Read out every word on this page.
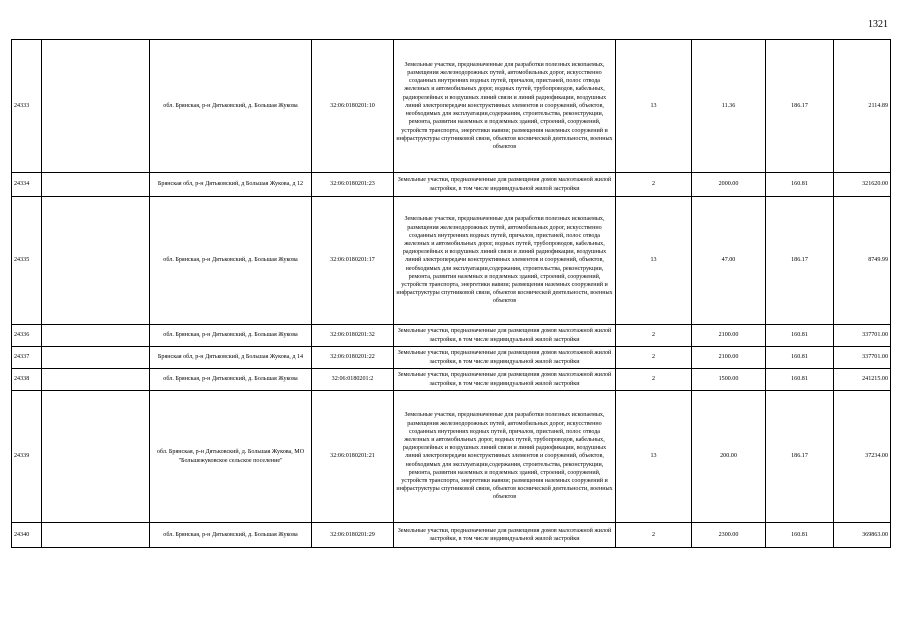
1321
24333		обл. Брянская, р-н Дятьковский, д. Большая Жукова	32:06:0180201:10	Земельные участки, предназначенные для разработки полезных ископаемых, размещения железнодорожных путей, автомобильных дорог, искусственно созданных внутренних водных путей, причалов, пристаней, полос отвода железных и автомобильных дорог, водных путей, трубопроводов, кабельных, радиорелейных и воздушных линий связи и линий радиофикации, воздушных линий электропередачи конструктивных элементов и сооружений, объектов, необходимых для эксплуатации,содержания, строительства, реконструкции, ремонта, развития наземных и подземных зданий, строений, сооружений, устройств транспорта, энергетики иавязи; размещения наземных сооружений и инфраструктуры спутниковой связи, объектов космической деятельности, военных объектов	13	11.36	186.17	2114.89

24334		Брянская обл, р-н Дятьковский, д Большая Жукова, д 12	32:06:0180201:23	Земельные участки, предназначенные для размещения домов малоэтажной жилой застройки, в том числе индивидуальной жилой застройки	2	2000.00	160.81	321620.00

24335		обл. Брянская, р-н Дятьковский, д. Большая Жукова	32:06:0180201:17	Земельные участки, предназначенные для разработки полезных ископаемых, размещения железнодорожных путей, автомобильных дорог, искусственно созданных внутренних водных путей, причалов, пристаней, полос отвода железных и автомобильных дорог, водных путей, трубопроводов, кабельных, радиорелейных и воздушных линий связи и линий радиофикации, воздушных линий электропередачи конструктивных элементов и сооружений, объектов, необходимых для эксплуатации,содержания, строительства, реконструкции, ремонта, развития наземных и подземных зданий, строений, сооружений, устройств транспорта, энергетики иавязи; размещения наземных сооружений и инфраструктуры спутниковой связи, объектов космической деятельности, военных объектов	13	47.00	186.17	8749.99

24336		обл. Брянская, р-н Дятьковский, д. Большая Жукова	32:06:0180201:32	Земельные участки, предназначенные для размещения домов малоэтажной жилой застройки, в том числе индивидуальной жилой застройки	2	2100.00	160.81	337701.00

24337		Брянская обл, р-н Дятьковский, д Большая Жукова, д 14	32:06:0180201:22	Земельные участки, предназначенные для размещения домов малоэтажной жилой застройки, в том числе индивидуальной жилой застройки	2	2100.00	160.81	337701.00

24338		обл. Брянская, р-н Дятьковский, д. Большая Жукова	32:06:0180201:2	Земельные участки, предназначенные для размещения домов малоэтажной жилой застройки, в том числе индивидуальной жилой застройки	2	1500.00	160.81	241215.00

24339		обл. Брянская, р-н Дятьковский, д. Большая Жукова, МО "Большежуковское сельское поселение"	32:06:0180201:21	Земельные участки, предназначенные для разработки полезных ископаемых, размещения железнодорожных путей, автомобильных дорог, искусственно созданных внутренних водных путей, причалов, пристаней, полос отвода железных и автомобильных дорог, водных путей, трубопроводов, кабельных, радиорелейных и воздушных линий связи и линий радиофикации, воздушных линий электропередачи конструктивных элементов и сооружений, объектов, необходимых для эксплуатации,содержания, строительства, реконструкции, ремонта, развития наземных и подземных зданий, строений, сооружений, устройств транспорта, энергетики иавязи; размещения наземных сооружений и инфраструктуры спутниковой связи, объектов космической деятельности, военных объектов	13	200.00	186.17	37234.00

24340		обл. Брянская, р-н Дятьковский, д. Большая Жукова	32:06:0180201:29	Земельные участки, предназначенные для размещения домов малоэтажной жилой застройки, в том числе индивидуальной жилой застройки	2	2300.00	160.81	369863.00
